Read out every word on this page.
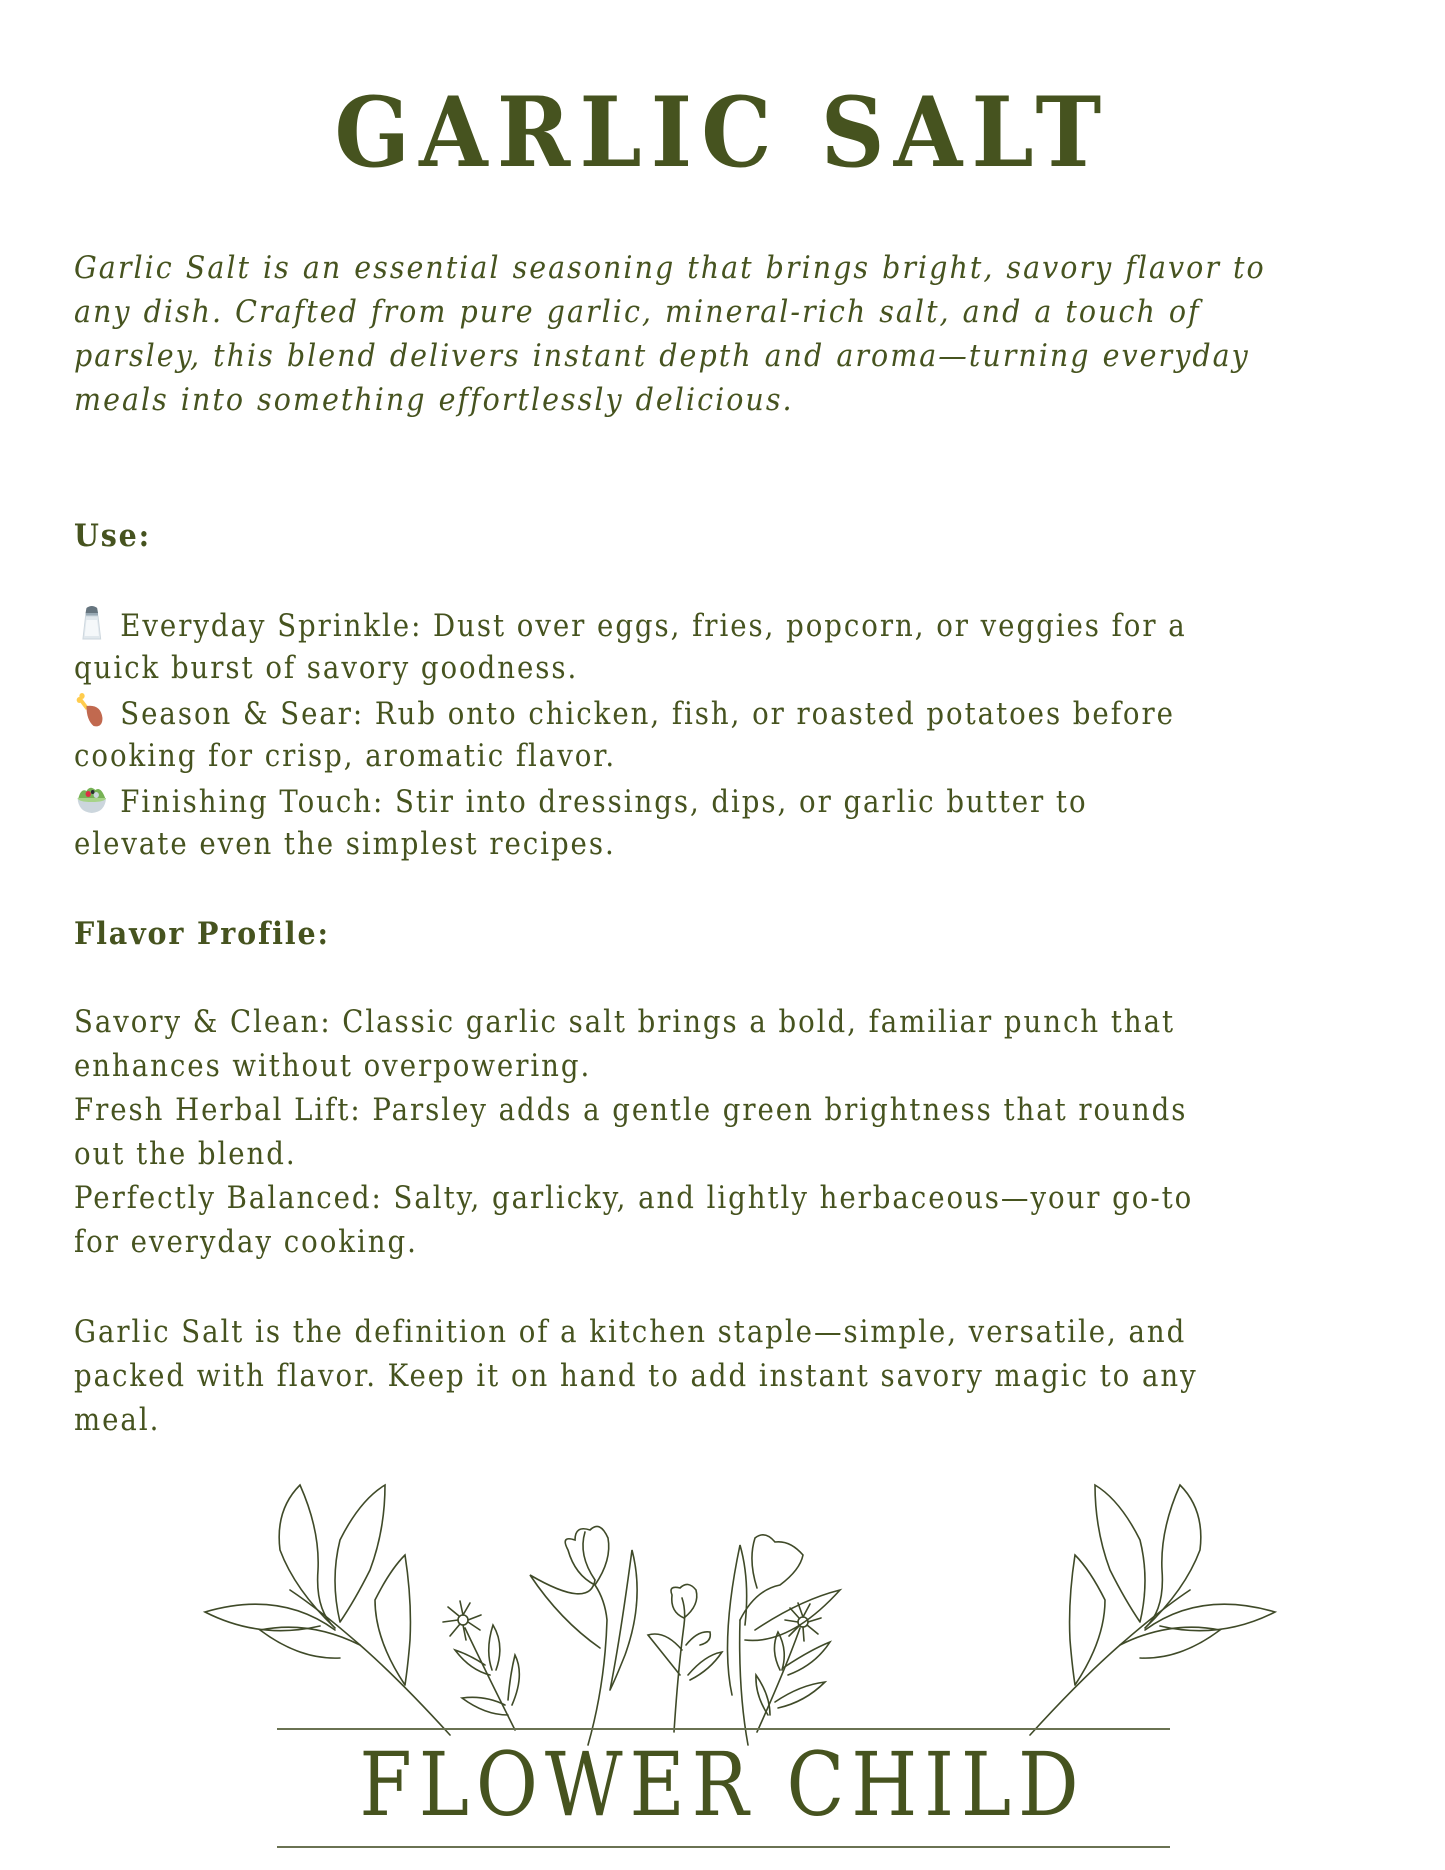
GARLIC SALT
Garlic Salt is an essential seasoning that brings bright, savory flavor to
any dish. Crafted from pure garlic, mineral-rich salt, and a touch of
parsley, this blend delivers instant depth and aroma—turning everyday
meals into something effortlessly delicious.
Use:
Everyday Sprinkle: Dust over eggs, fries, popcorn, or veggies for a
quick burst of savory goodness.
Season & Sear: Rub onto chicken, fish, or roasted potatoes before
cooking for crisp, aromatic flavor.
Finishing Touch: Stir into dressings, dips, or garlic butter to
elevate even the simplest recipes.
Flavor Profile:
Savory & Clean: Classic garlic salt brings a bold, familiar punch that
enhances without overpowering.
Fresh Herbal Lift: Parsley adds a gentle green brightness that rounds
out the blend.
Perfectly Balanced: Salty, garlicky, and lightly herbaceous—your go-to
for everyday cooking.
Garlic Salt is the definition of a kitchen staple—simple, versatile, and
packed with flavor. Keep it on hand to add instant savory magic to any
meal.
FLOWER CHILD
